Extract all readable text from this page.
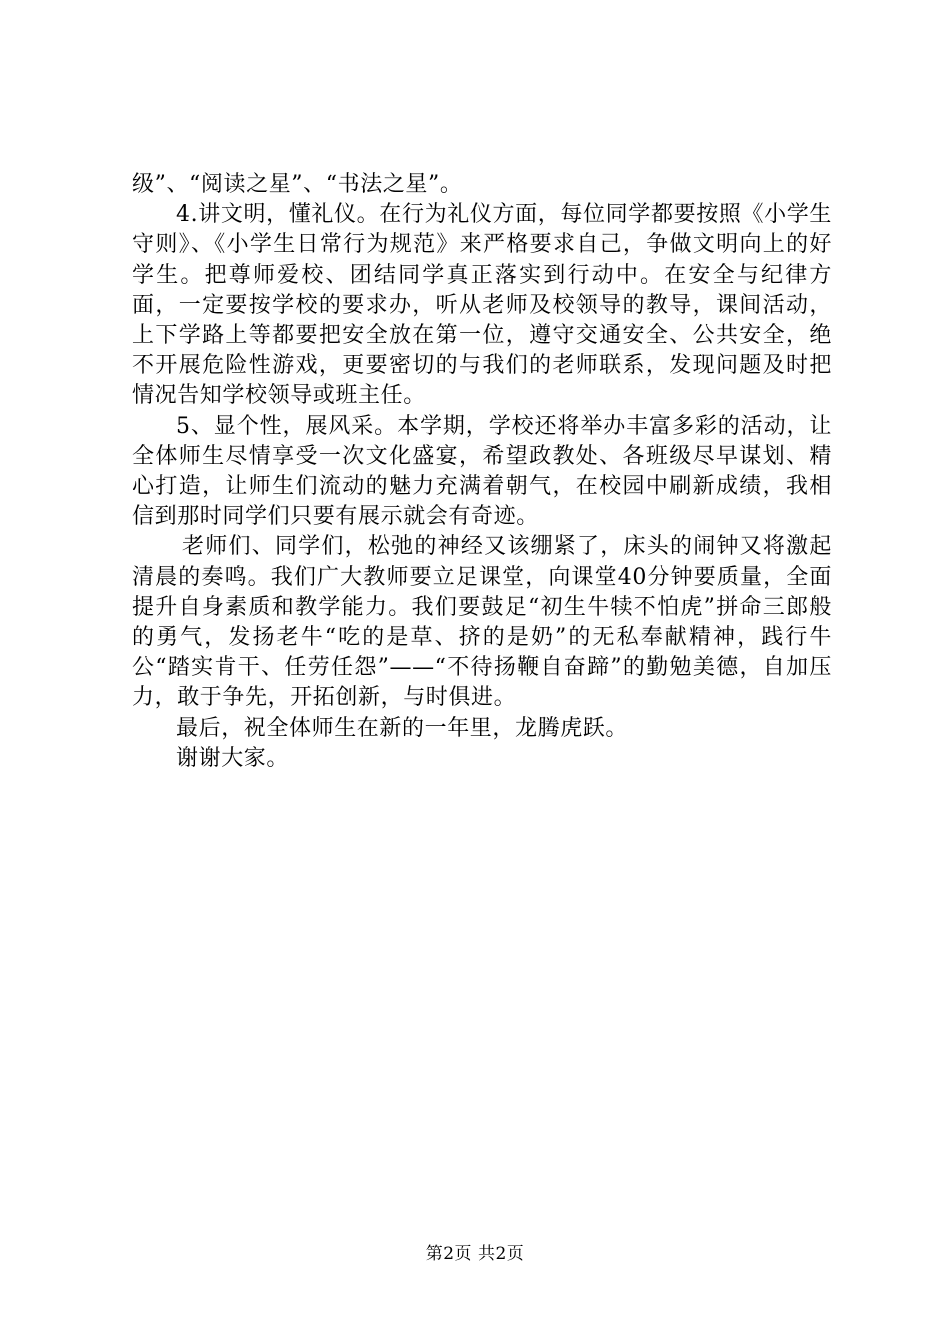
级”、“阅读之星”、“书法之星”。

4.讲文明，懂礼仪。在行为礼仪方面，每位同学都要按照《小学生守则》、《小学生日常行为规范》来严格要求自己，争做文明向上的好学生。把尊师爱校、团结同学真正落实到行动中。在安全与纪律方面，一定要按学校的要求办，听从老师及校领导的教导，课间活动，上下学路上等都要把安全放在第一位，遵守交通安全、公共安全，绝不开展危险性游戏，更要密切的与我们的老师联系，发现问题及时把情况告知学校领导或班主任。

5、显个性，展风采。本学期，学校还将举办丰富多彩的活动，让全体师生尽情享受一次文化盛宴，希望政教处、各班级尽早谋划、精心打造，让师生们流动的魅力充满着朝气，在校园中刷新成绩，我相信到那时同学们只要有展示就会有奇迹。

老师们、同学们，松弛的神经又该绷紧了，床头的闹钟又将激起清晨的奏鸣。我们广大教师要立足课堂，向课堂40分钟要质量，全面提升自身素质和教学能力。我们要鼓足“初生牛犊不怕虎”拼命三郎般的勇气，发扬老牛“吃的是草、挤的是奶”的无私奉献精神，践行牛公“踏实肯干、任劳任怨”——“不待扬鞭自奋蹄”的勤勉美德，自加压力，敢于争先，开拓创新，与时俱进。

最后，祝全体师生在新的一年里，龙腾虎跃。

谢谢大家。

第2页 共2页
